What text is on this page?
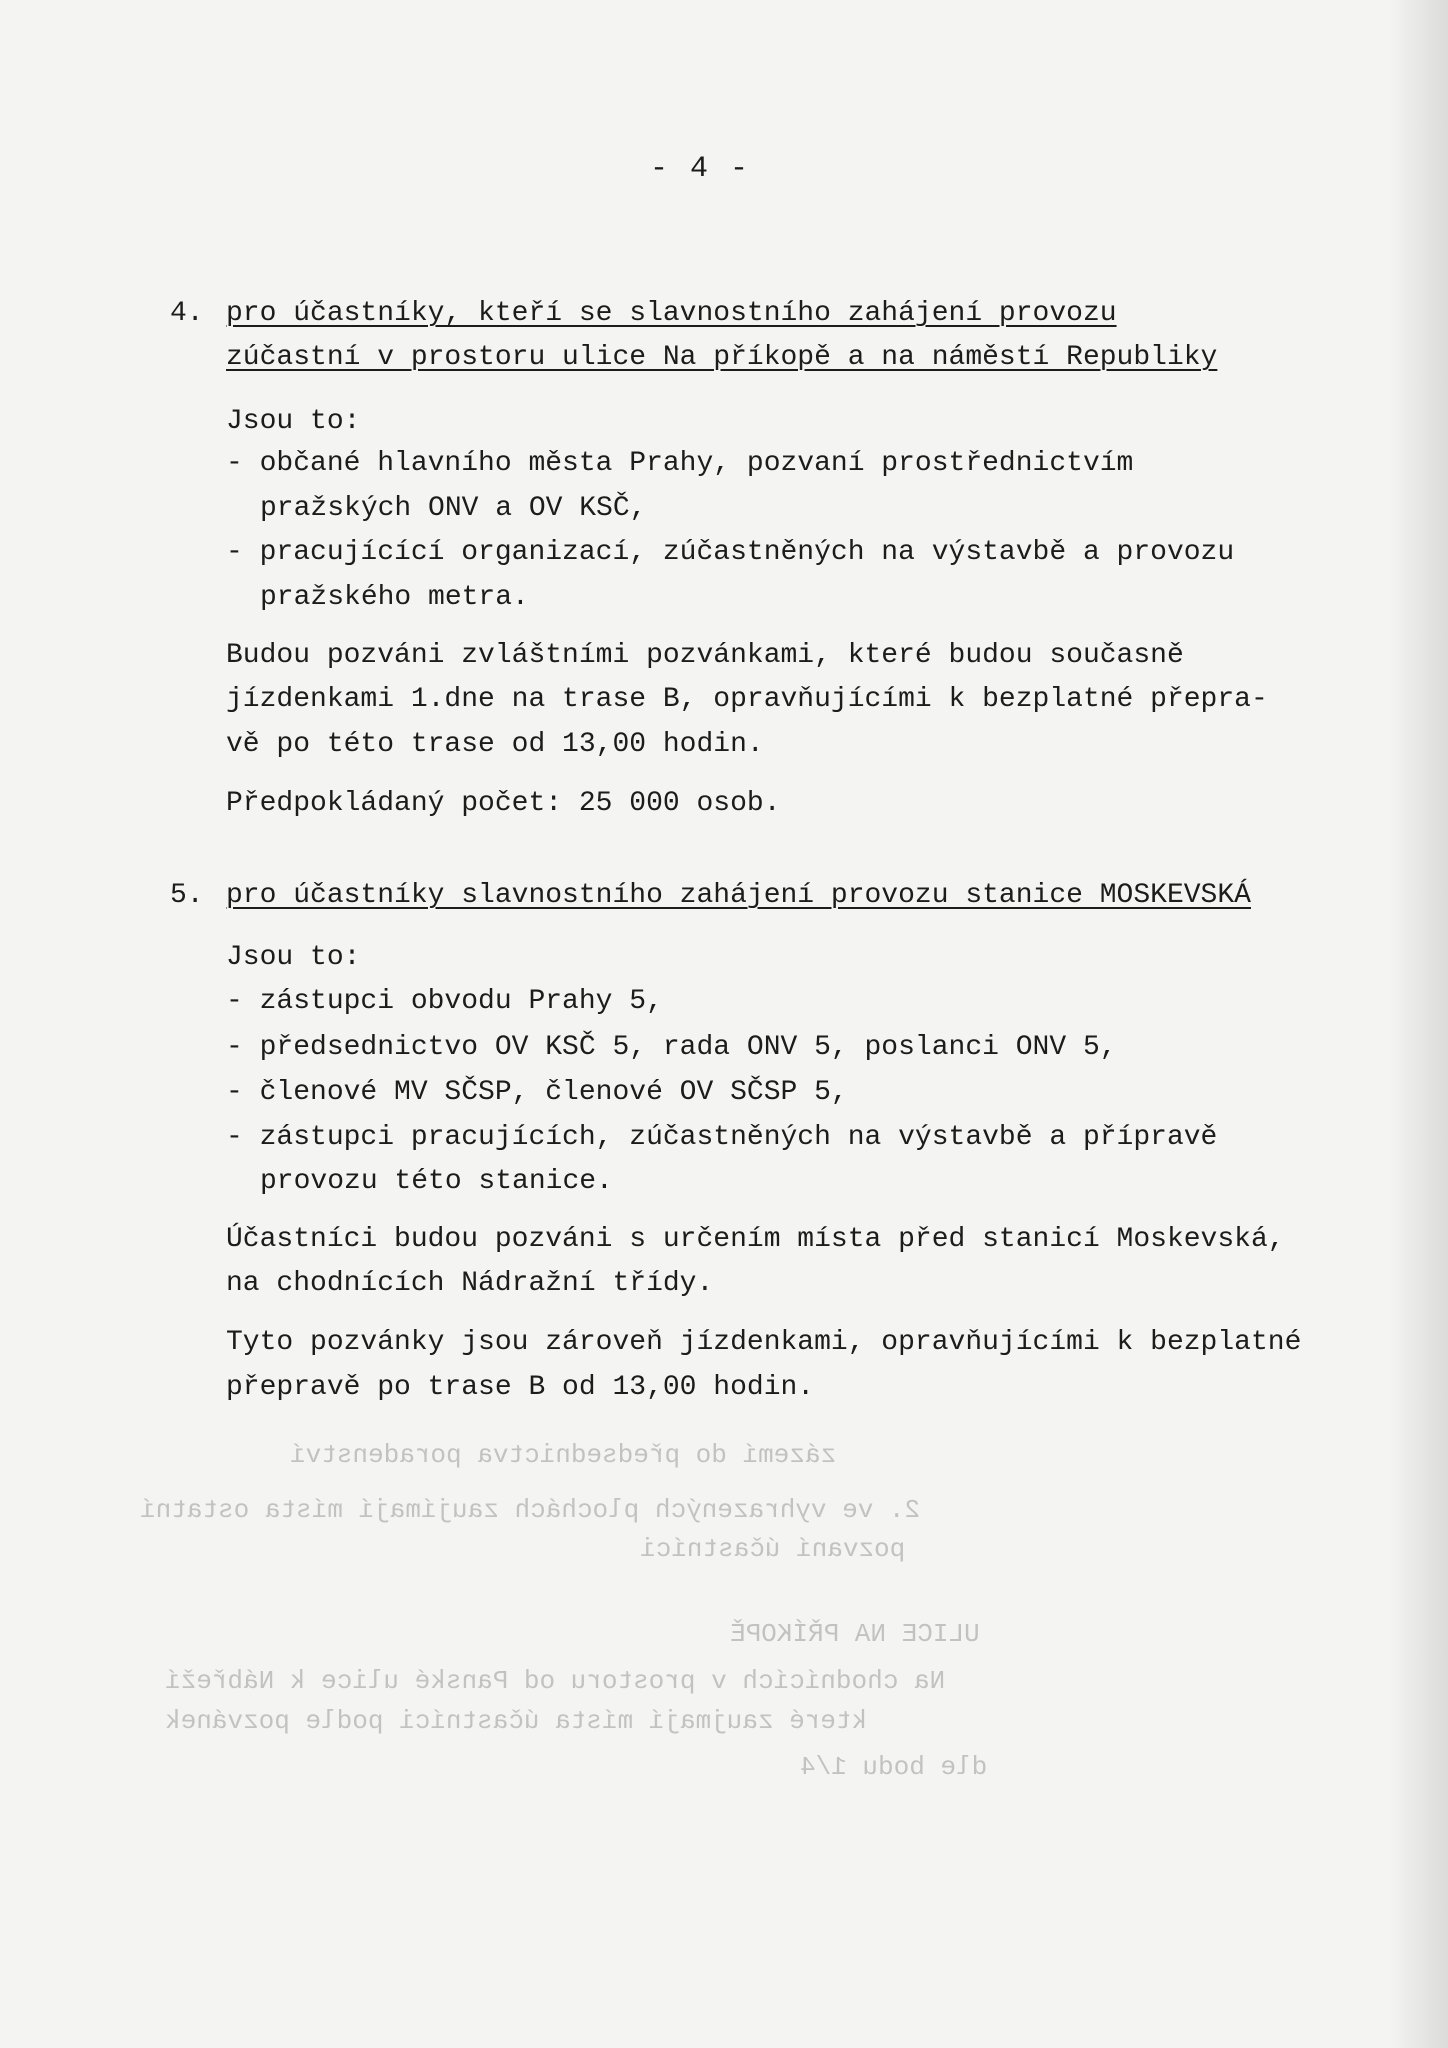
zázemí do předsednictva poradenství
2. ve vyhrazených plochách zaujímají místa ostatní
pozvaní účastníci
ULICE NA PŘÍKOPĚ
Na chodnících v prostoru od Panské ulice k Nábřeží
které zaujmají místa účastníci podle pozvánek
dle bodu 1/4
- 4 -
4. pro účastníky, kteří se slavnostního zahájení provozu
zúčastní v prostoru ulice Na příkopě a na náměstí Republiky
Jsou to:
- občané hlavního města Prahy, pozvaní prostřednictvím
pražských ONV a OV KSČ,
- pracujícící organizací, zúčastněných na výstavbě a provozu
pražského metra.
Budou pozváni zvláštními pozvánkami, které budou současně
jízdenkami 1.dne na trase B, opravňujícími k bezplatné přepra-
vě po této trase od 13,00 hodin.
Předpokládaný počet: 25 000 osob.
5. pro účastníky slavnostního zahájení provozu stanice MOSKEVSKÁ
Jsou to:
- zástupci obvodu Prahy 5,
- předsednictvo OV KSČ 5, rada ONV 5, poslanci ONV 5,
- členové MV SČSP, členové OV SČSP 5,
- zástupci pracujících, zúčastněných na výstavbě a přípravě
provozu této stanice.
Účastníci budou pozváni s určením místa před stanicí Moskevská,
na chodnících Nádražní třídy.
Tyto pozvánky jsou zároveň jízdenkami, opravňujícími k bezplatné
přepravě po trase B od 13,00 hodin.
